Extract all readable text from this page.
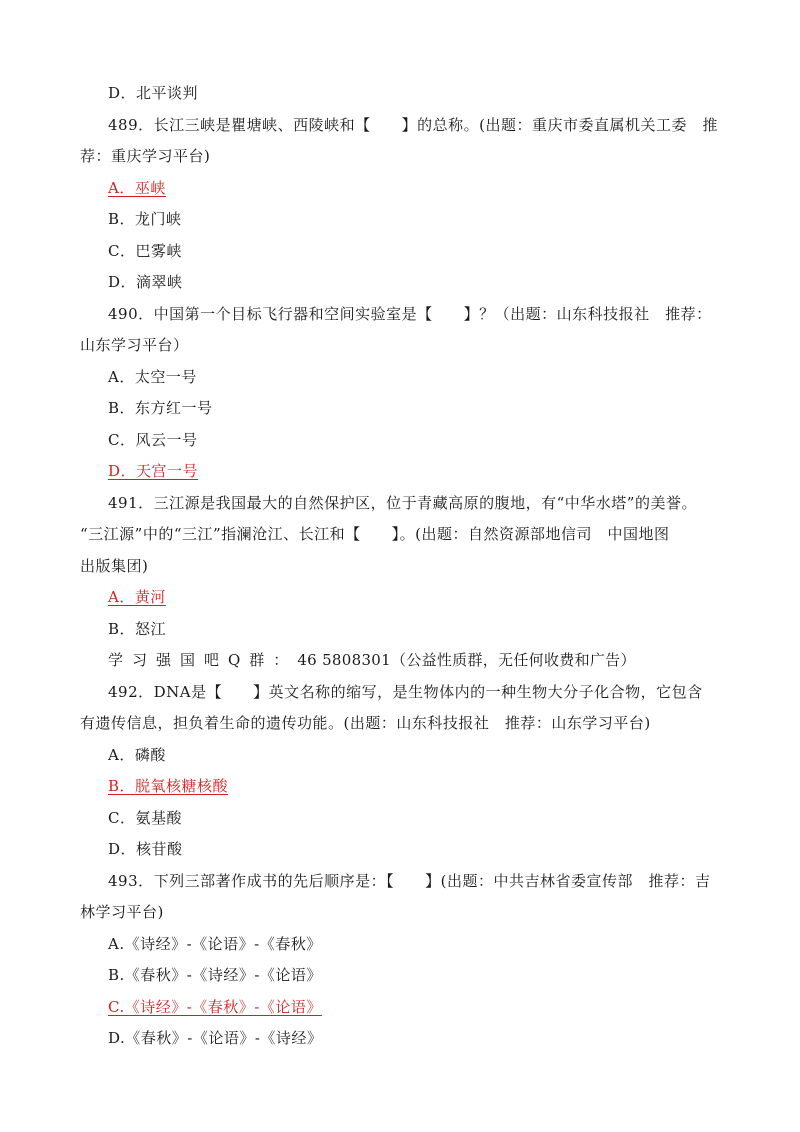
D．北平谈判
489．长江三峡是瞿塘峡、西陵峡和【　　】的总称。(出题：重庆市委直属机关工委　推
荐：重庆学习平台)
A．巫峡
B．龙门峡
C．巴雾峡
D．滴翠峡
490．中国第一个目标飞行器和空间实验室是【　　】？（出题：山东科技报社　推荐：
山东学习平台）
A．太空一号
B．东方红一号
C．风云一号
D．天宫一号
491．三江源是我国最大的自然保护区，位于青藏高原的腹地，有“中华水塔”的美誉。
“三江源”中的“三江”指澜沧江、长江和【　　】。(出题：自然资源部地信司　中国地图
出版集团)
A．黄河
B．怒江
学习强国吧Q群：46 5808301（公益性质群，无任何收费和广告）
492．DNA是【　　】英文名称的缩写，是生物体内的一种生物大分子化合物，它包含
有遗传信息，担负着生命的遗传功能。(出题：山东科技报社　推荐：山东学习平台)
A．磷酸
B．脱氧核糖核酸
C．氨基酸
D．核苷酸
493．下列三部著作成书的先后顺序是：【　　】(出题：中共吉林省委宣传部　推荐：吉
林学习平台)
A.《诗经》-《论语》-《春秋》
B.《春秋》-《诗经》-《论语》
C.《诗经》-《春秋》-《论语》
D.《春秋》-《论语》-《诗经》
